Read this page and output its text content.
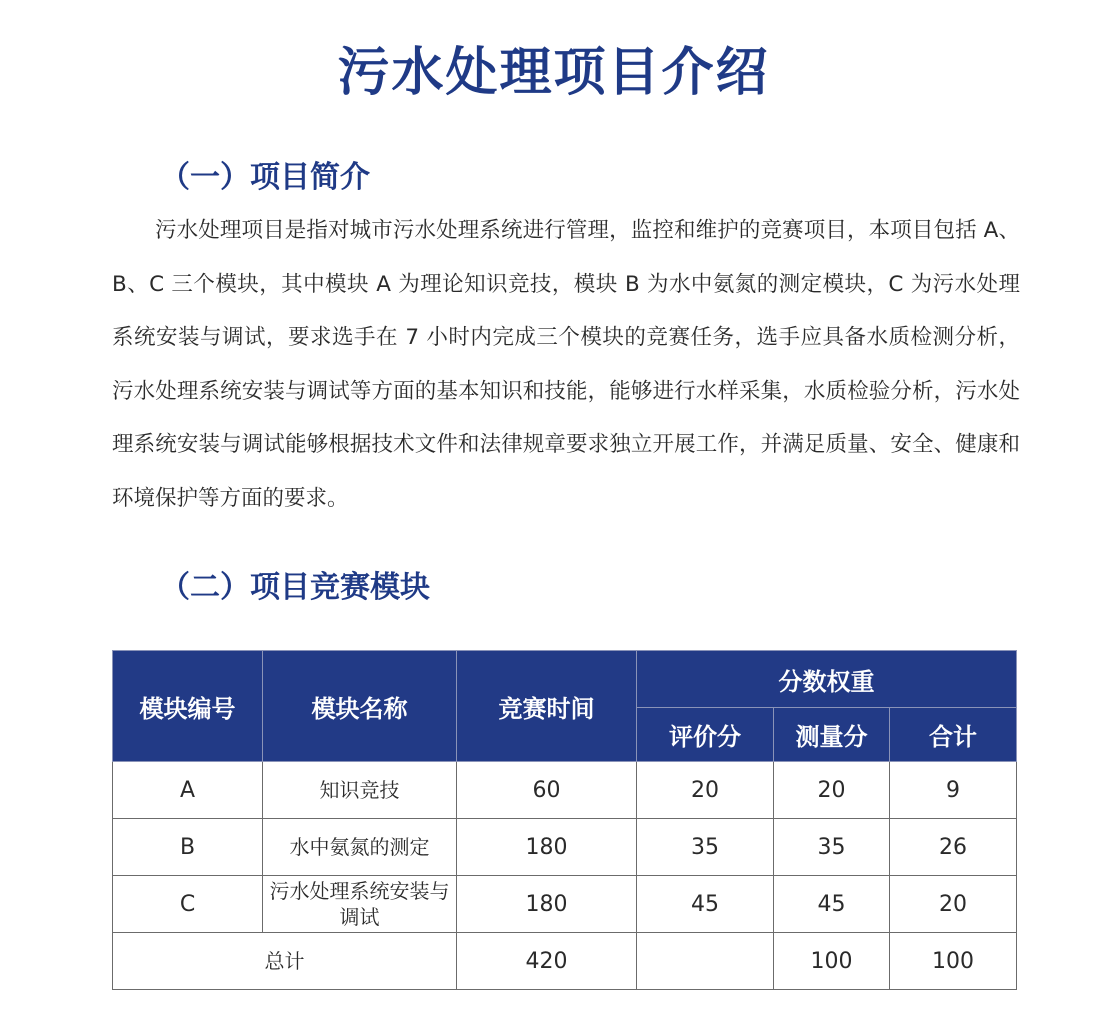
污水处理项目介绍
（一）项目简介

污水处理项目是指对城市污水处理系统进行管理，监控和维护的竞赛项目，本项目包括 A、B、C 三个模块，其中模块 A 为理论知识竞技，模块 B 为水中氨氮的测定模块，C 为污水处理系统安装与调试，要求选手在 7 小时内完成三个模块的竞赛任务，选手应具备水质检测分析，污水处理系统安装与调试等方面的基本知识和技能，能够进行水样采集，水质检验分析，污水处理系统安装与调试能够根据技术文件和法律规章要求独立开展工作，并满足质量、安全、健康和环境保护等方面的要求。

（二）项目竞赛模块
模块编号	模块名称	竞赛时间	分数权重		
			评价分	测量分	合计
A	知识竞技	60	20	20	9
B	水中氨氮的测定	180	35	35	26
C	污水处理系统安装与调试	180	45	45	20
总计		420		100	100
